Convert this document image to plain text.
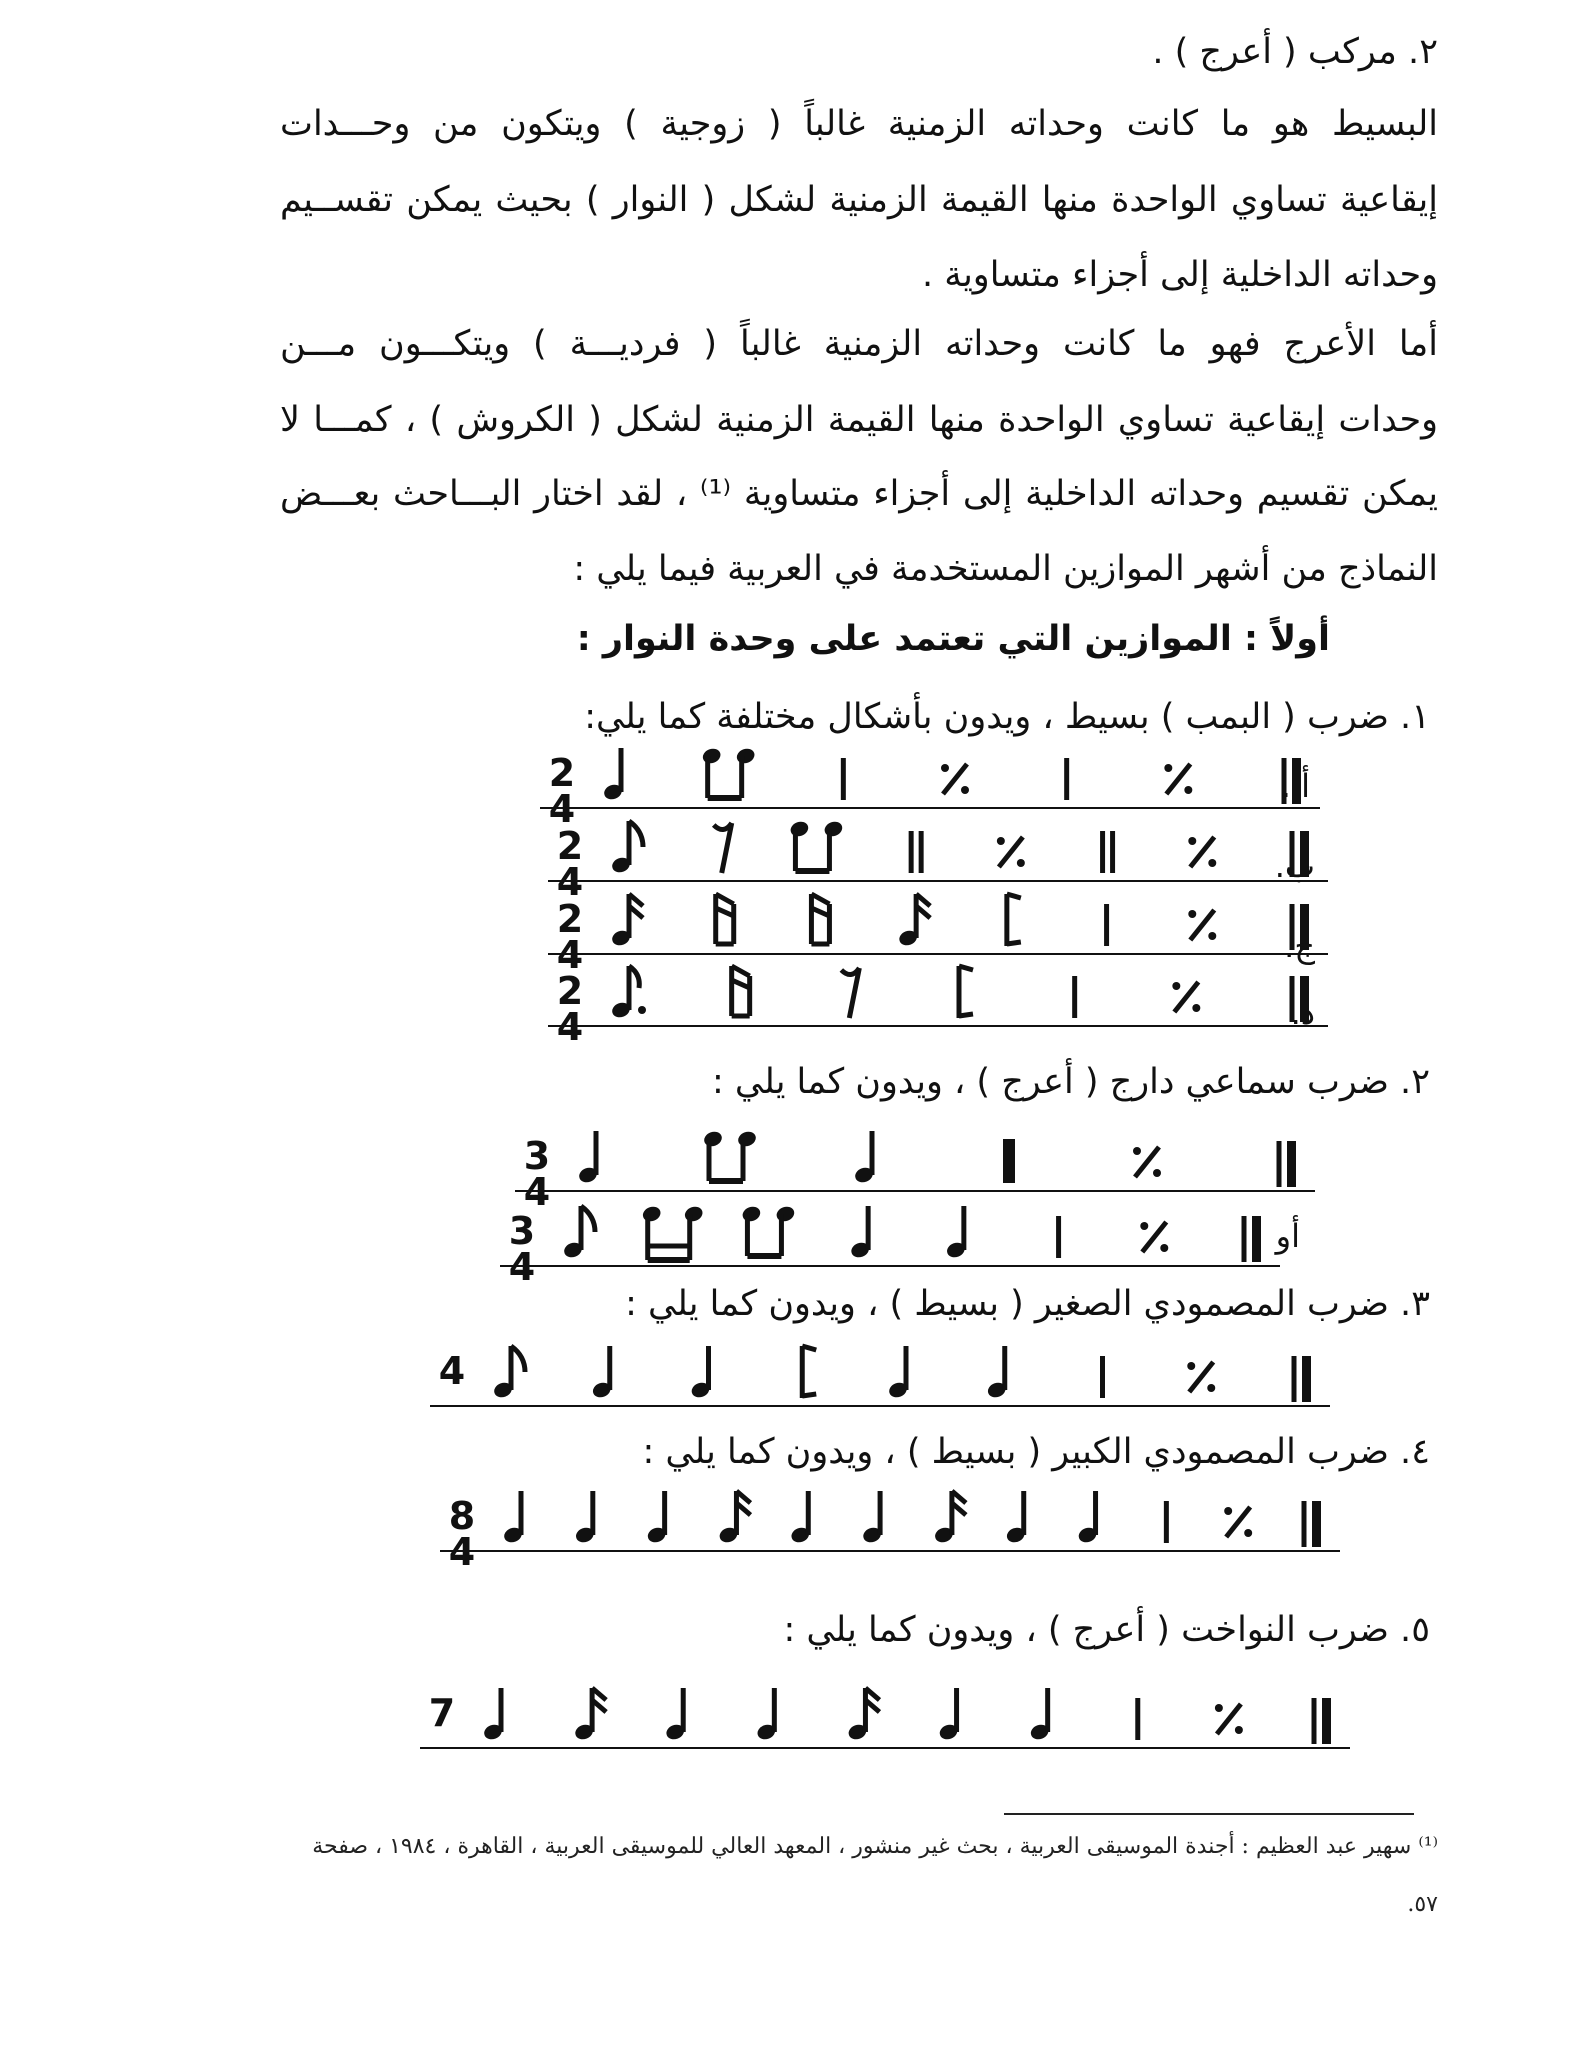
٢. مركب ( أعرج ) .
البسيط هو ما كانت وحداته الزمنية غالباً ( زوجية ) ويتكون من وحـــدات
إيقاعية تساوي الواحدة منها القيمة الزمنية لشكل ( النوار ) بحيث يمكن تقســيم
وحداته الداخلية إلى أجزاء متساوية .
أما الأعرج فهو ما كانت وحداته الزمنية غالباً ( فرديـــة ) ويتكـــون مـــن
وحدات إيقاعية تساوي الواحدة منها القيمة الزمنية لشكل ( الكروش ) ، كمـــا لا
يمكن تقسيم وحداته الداخلية إلى أجزاء متساوية ⁽¹⁾ ، لقد اختار البـــاحث بعـــض
النماذج من أشهر الموازين المستخدمة في العربية فيما يلي :
أولاً : الموازين التي تعتمد على وحدة النوار :
١. ضرب ( البمب ) بسيط ، ويدون بأشكال مختلفة كما يلي:
2
4
أ .
2
4	ب.
2
4	ج.
2
4	د.
٢. ضرب سماعي دارج ( أعرج ) ، ويدون كما يلي :
3
4
3
4
أو
٣. ضرب المصمودي الصغير ( بسيط ) ، ويدون كما يلي :
4
٤. ضرب المصمودي الكبير ( بسيط ) ، ويدون كما يلي :
8
4
٥. ضرب النواخت ( أعرج ) ، ويدون كما يلي :
7
⁽¹⁾ سهير عبد العظيم : أجندة الموسيقى العربية ، بحث غير منشور ، المعهد العالي للموسيقى العربية ، القاهرة ، ١٩٨٤ ، صفحة
٥٧.
